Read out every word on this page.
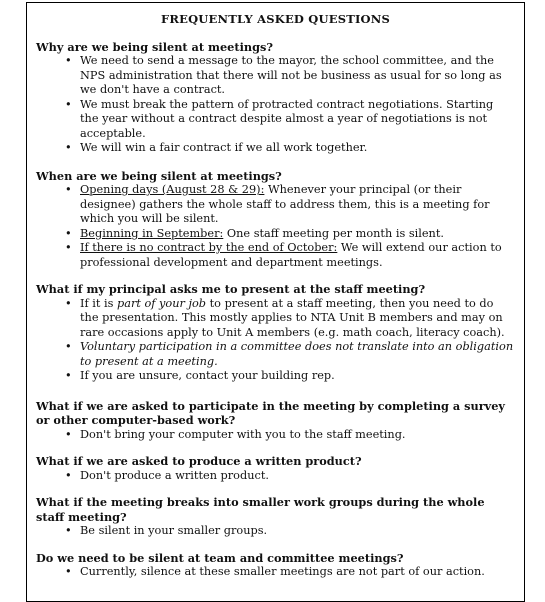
FREQUENTLY ASKED QUESTIONS

Why are we being silent at meetings?

• We need to send a message to the mayor, the school committee, and the NPS administration that there will not be business as usual for so long as we don't have a contract.
• We must break the pattern of protracted contract negotiations. Starting the year without a contract despite almost a year of negotiations is not acceptable.
• We will win a fair contract if we all work together.

When are we being silent at meetings?

• Opening days (August 28 & 29): Whenever your principal (or their designee) gathers the whole staff to address them, this is a meeting for which you will be silent.
• Beginning in September: One staff meeting per month is silent.
• If there is no contract by the end of October: We will extend our action to professional development and department meetings.

What if my principal asks me to present at the staff meeting?

• If it is part of your job to present at a staff meeting, then you need to do the presentation. This mostly applies to NTA Unit B members and may on rare occasions apply to Unit A members (e.g. math coach, literacy coach).
• Voluntary participation in a committee does not translate into an obligation to present at a meeting.
• If you are unsure, contact your building rep.

What if we are asked to participate in the meeting by completing a survey or other computer-based work?

• Don't bring your computer with you to the staff meeting.

What if we are asked to produce a written product?

• Don't produce a written product.

What if the meeting breaks into smaller work groups during the whole staff meeting?

• Be silent in your smaller groups.

Do we need to be silent at team and committee meetings?

• Currently, silence at these smaller meetings are not part of our action.
